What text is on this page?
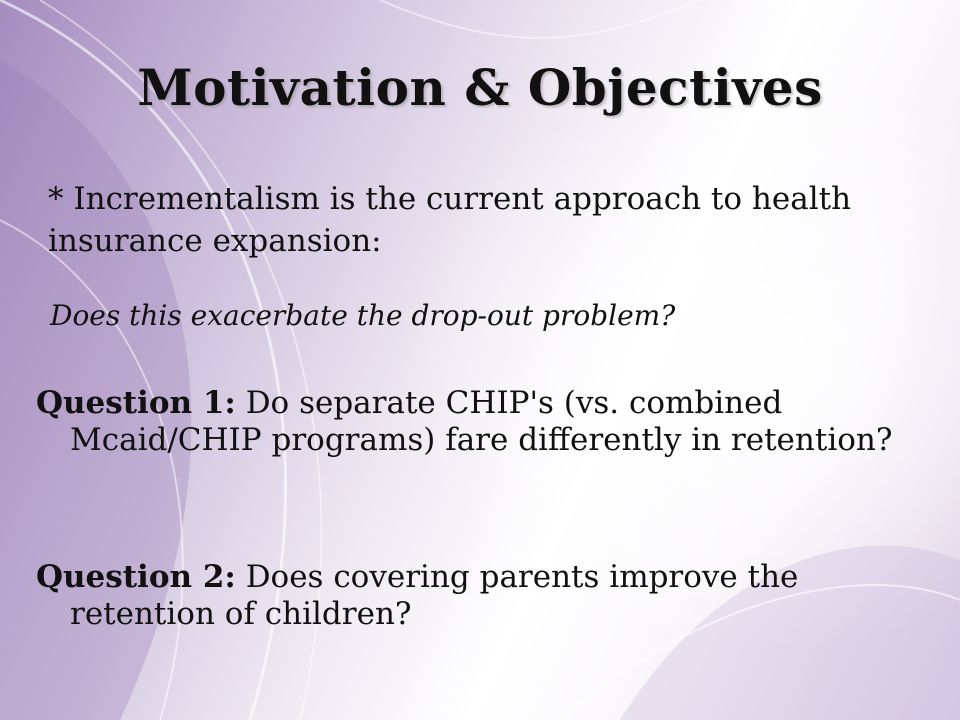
Motivation & Objectives

* Incrementalism is the current approach to health insurance expansion:

Does this exacerbate the drop-out problem?

Question 1: Do separate CHIP's (vs. combined Mcaid/CHIP programs) fare differently in retention?

Question 2: Does covering parents improve the retention of children?
